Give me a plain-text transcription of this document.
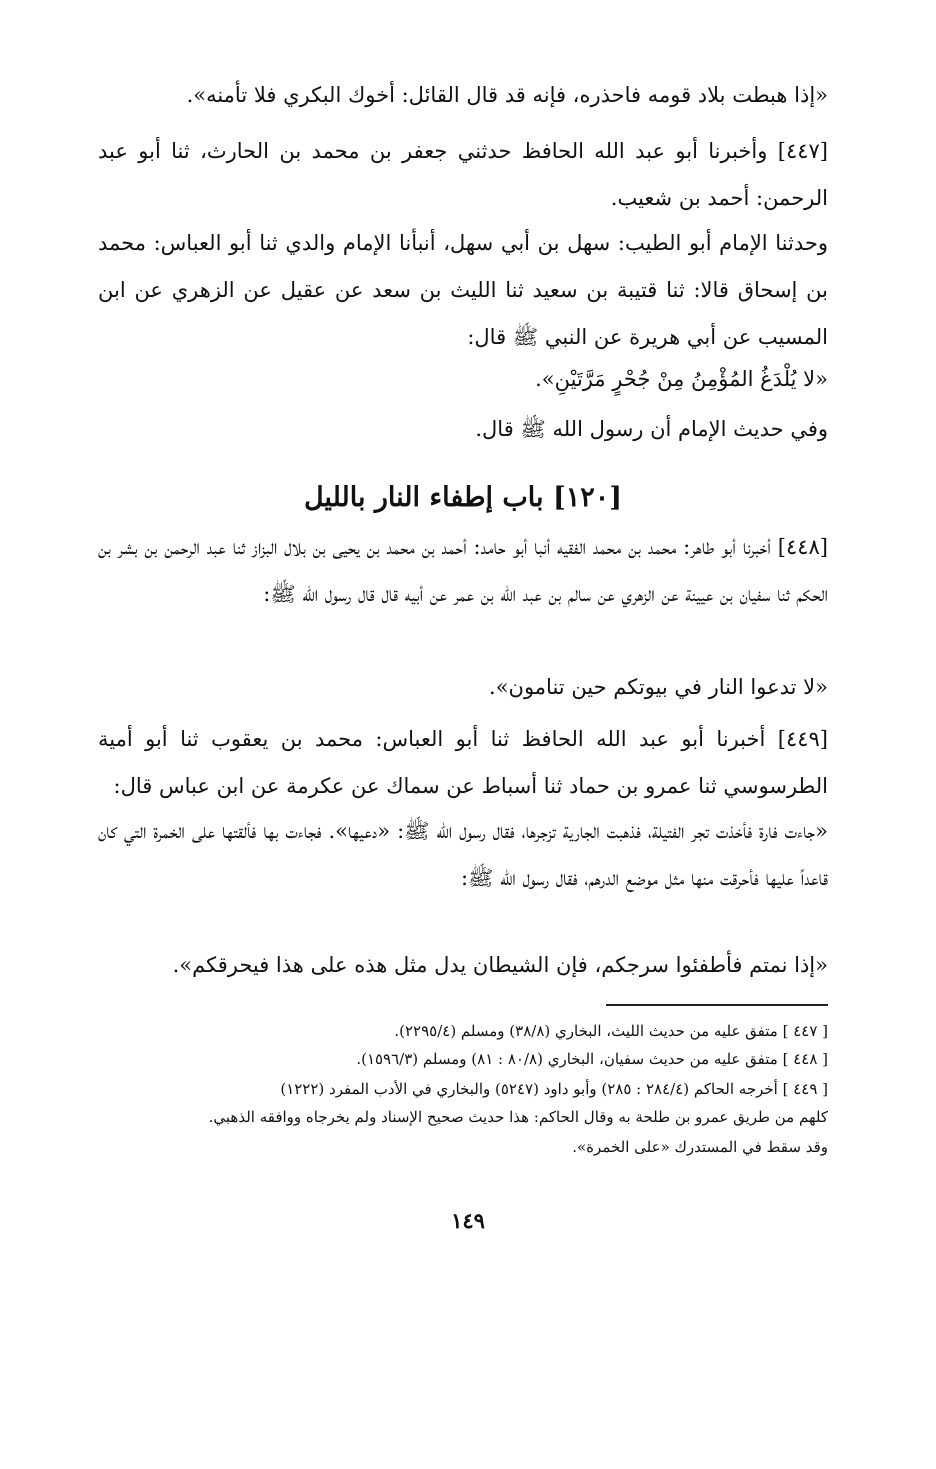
«إذا هبطت بلاد قومه فاحذره، فإنه قد قال القائل: أخوك البكري فلا تأمنه».
[٤٤٧] وأخبرنا أبو عبد الله الحافظ حدثني جعفر بن محمد بن الحارث، ثنا أبو عبد الرحمن: أحمد بن شعيب.
وحدثنا الإمام أبو الطيب: سهل بن أبي سهل، أنبأنا الإمام والدي ثنا أبو العباس: محمد بن إسحاق قالا: ثنا قتيبة بن سعيد ثنا الليث بن سعد عن عقيل عن الزهري عن ابن المسيب عن أبي هريرة عن النبي ﷺ قال:
«لا يُلْدَغُ المُؤْمِنُ مِنْ جُحْرٍ مَرَّتَيْنِ».
وفي حديث الإمام أن رسول الله ﷺ قال.
[١٢٠] باب إطفاء النار بالليل
[٤٤٨] أخبرنا أبو طاهر: محمد بن محمد الفقيه أنبا أبو حامد: أحمد بن محمد بن يحيى بن بلال البزاز ثنا عبد الرحمن بن بشر بن الحكم ثنا سفيان بن عيينة عن الزهري عن سالم بن عبد الله بن عمر عن أبيه قال قال رسول الله ﷺ:
«لا تدعوا النار في بيوتكم حين تنامون».
[٤٤٩] أخبرنا أبو عبد الله الحافظ ثنا أبو العباس: محمد بن يعقوب ثنا أبو أمية الطرسوسي ثنا عمرو بن حماد ثنا أسباط عن سماك عن عكرمة عن ابن عباس قال:
«جاءت فارة فأخذت تجر الفتيلة، فذهبت الجارية تزجرها، فقال رسول الله ﷺ: «دعيها». فجاءت بها فألقتها على الخمرة التي كان قاعداً عليها فأحرقت منها مثل موضع الدرهم، فقال رسول الله ﷺ:
«إذا نمتم فأطفئوا سرجكم، فإن الشيطان يدل مثل هذه على هذا فيحرقكم».
[ ٤٤٧ ] متفق عليه من حديث الليث، البخاري (٣٨/٨) ومسلم (٢٢٩٥/٤).
[ ٤٤٨ ] متفق عليه من حديث سفيان، البخاري (٨٠/٨ : ٨١) ومسلم (١٥٩٦/٣).
[ ٤٤٩ ] أخرجه الحاكم (٢٨٤/٤ : ٢٨٥) وأبو داود (٥٢٤٧) والبخاري في الأدب المفرد (١٢٢٢)
كلهم من طريق عمرو بن طلحة به وقال الحاكم: هذا حديث صحيح الإسناد ولم يخرجاه ووافقه الذهبي.
وقد سقط في المستدرك «على الخمرة».
١٤٩
